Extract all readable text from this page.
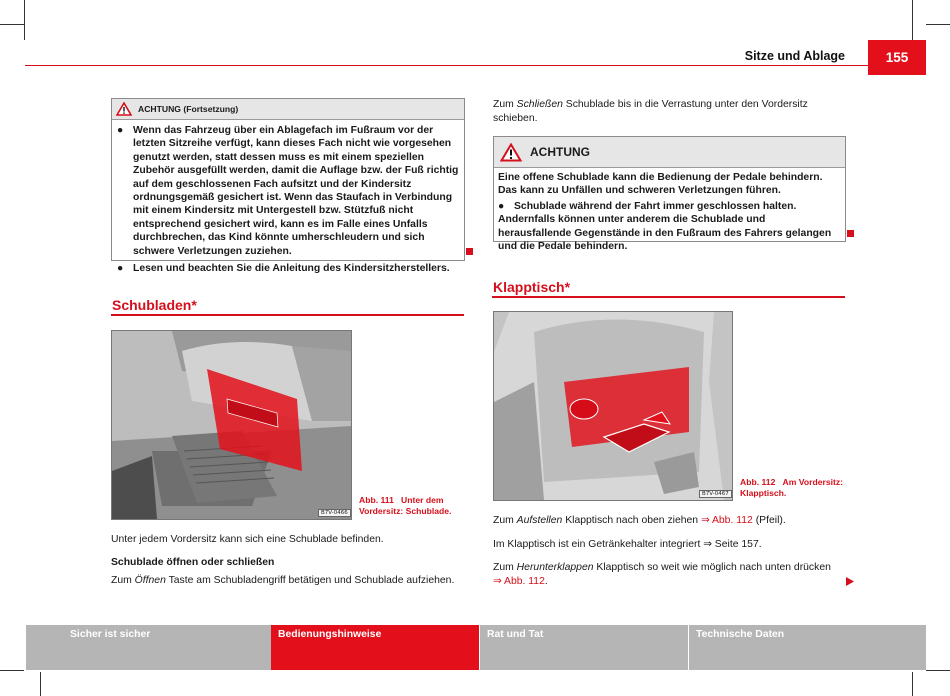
Sitze und Ablage	155
ACHTUNG (Fortsetzung)

● Wenn das Fahrzeug über ein Ablagefach im Fußraum vor der letzten Sitzreihe verfügt, kann dieses Fach nicht wie vorgesehen genutzt werden, statt dessen muss es mit einem speziellen Zubehör ausgefüllt werden, damit die Auflage bzw. der Fuß richtig auf dem geschlossenen Fach aufsitzt und der Kindersitz ordnungsgemäß gesichert ist. Wenn das Staufach in Verbindung mit einem Kindersitz mit Untergestell bzw. Stützfuß nicht entsprechend gesichert wird, kann es im Falle eines Unfalls durchbrechen, das Kind könnte umherschleudern und sich schwere Verletzungen zuziehen.

● Lesen und beachten Sie die Anleitung des Kindersitzherstellers.

Schubladen*
B7V-0466
Abb. 111 Unter dem Vordersitz: Schublade.
Unter jedem Vordersitz kann sich eine Schublade befinden.
Schublade öffnen oder schließen
Zum Öffnen Taste am Schubladengriff betätigen und Schublade aufziehen.
Zum Schließen Schublade bis in die Verrastung unter den Vordersitz schieben.
ACHTUNG

Eine offene Schublade kann die Bedienung der Pedale behindern. Das kann zu Unfällen und schweren Verletzungen führen.

● Schublade während der Fahrt immer geschlossen halten. Andernfalls können unter anderem die Schublade und herausfallende Gegenstände in den Fußraum des Fahrers gelangen und die Pedale behindern.

Klapptisch*
B7V-0467
Abb. 112 Am Vordersitz: Klapptisch.
Zum Aufstellen Klapptisch nach oben ziehen ⇒ Abb. 112 (Pfeil).
Im Klapptisch ist ein Getränkehalter integriert ⇒ Seite 157.
Zum Herunterklappen Klapptisch so weit wie möglich nach unten drücken
⇒ Abb. 112.
Sicher ist sicher	Bedienungshinweise	Rat und Tat	Technische Daten
